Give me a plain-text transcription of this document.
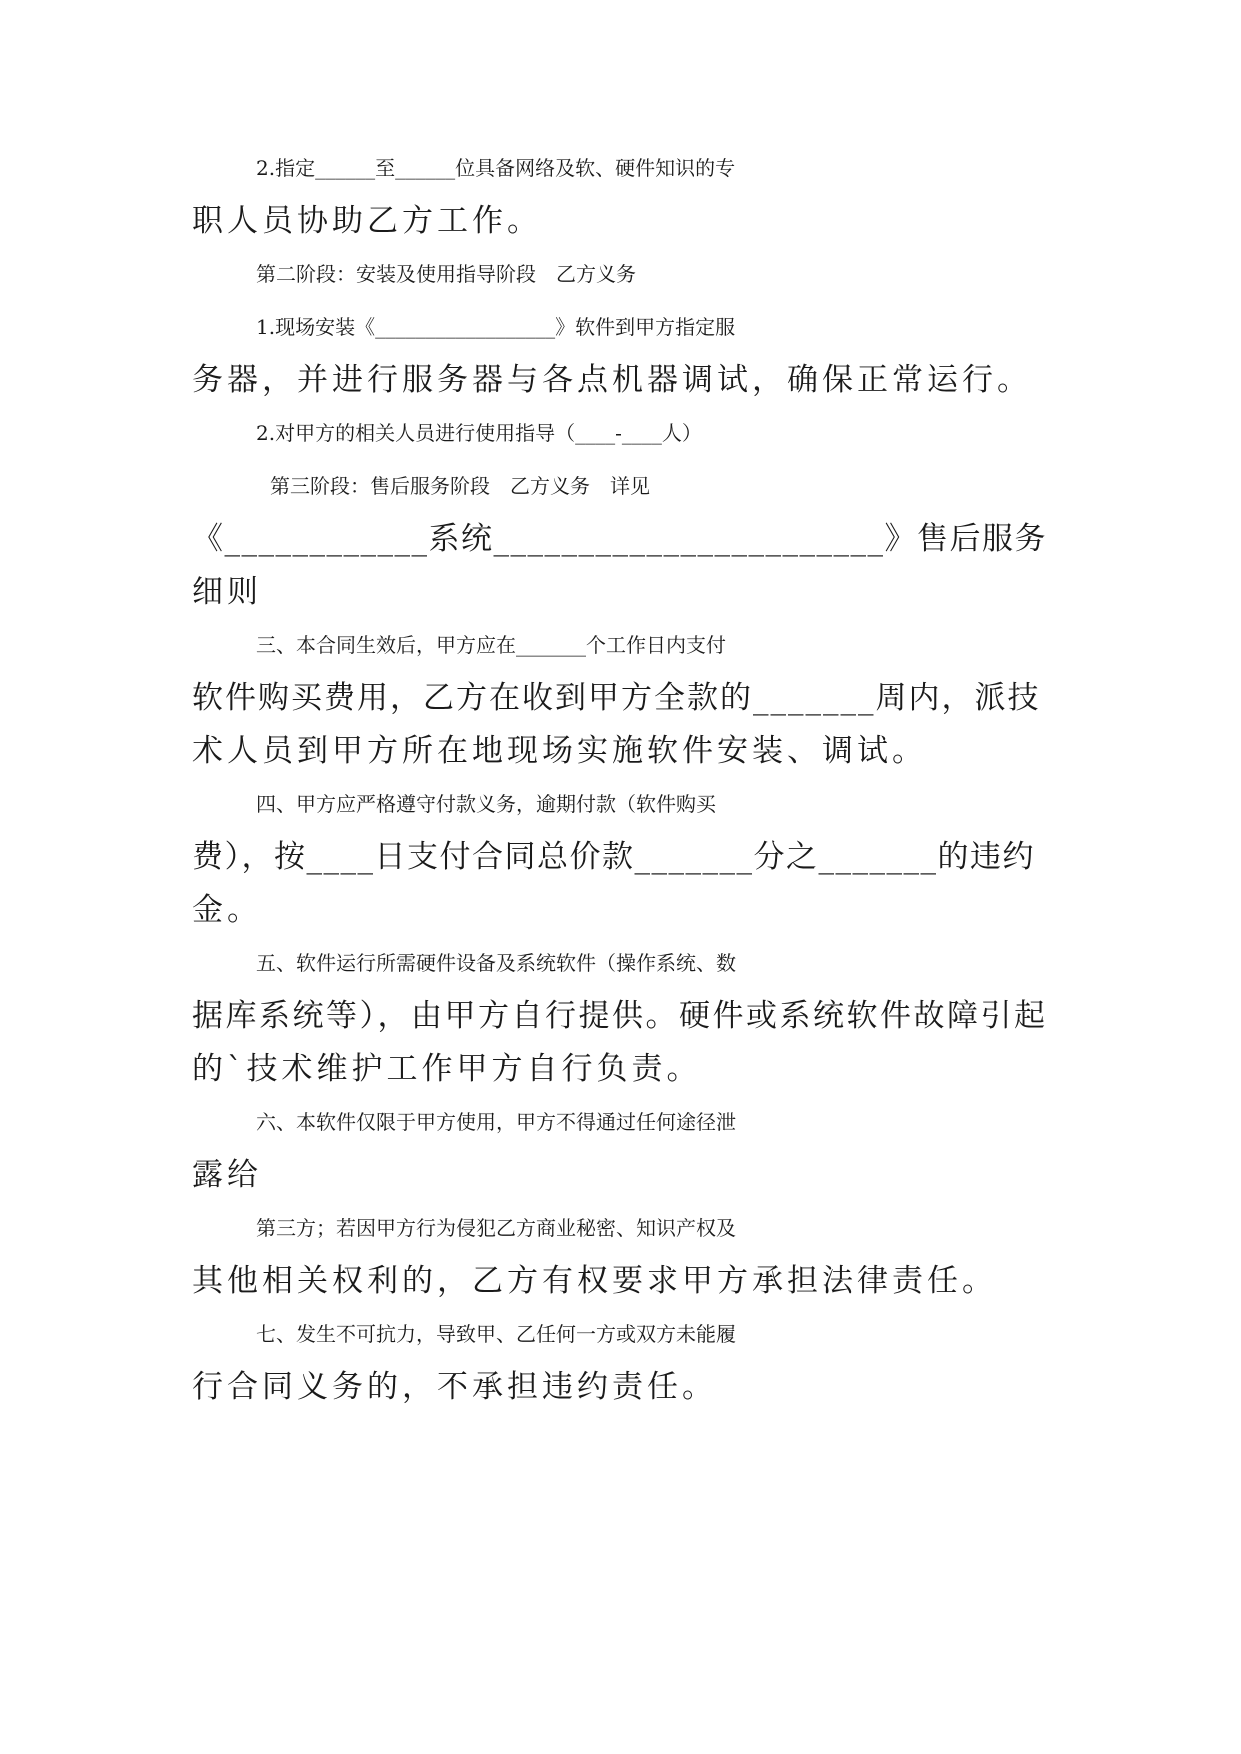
2.指定______至______位具备网络及软、硬件知识的专
职人员协助乙方工作。
第二阶段：安装及使用指导阶段　乙方义务
1.现场安装《__________________》软件到甲方指定服
务器，并进行服务器与各点机器调试，确保正常运行。
2.对甲方的相关人员进行使用指导（____-____人）
第三阶段：售后服务阶段　乙方义务　详见
《____________系统_______________________》售后服务
细则
三、本合同生效后，甲方应在_______个工作日内支付
软件购买费用，乙方在收到甲方全款的_______周内，派技
术人员到甲方所在地现场实施软件安装、调试。
四、甲方应严格遵守付款义务，逾期付款（软件购买
费），按____日支付合同总价款_______分之_______的违约
金。
五、软件运行所需硬件设备及系统软件（操作系统、数
据库系统等），由甲方自行提供。硬件或系统软件故障引起
的`技术维护工作甲方自行负责。
六、本软件仅限于甲方使用，甲方不得通过任何途径泄
露给
第三方；若因甲方行为侵犯乙方商业秘密、知识产权及
其他相关权利的，乙方有权要求甲方承担法律责任。
七、发生不可抗力，导致甲、乙任何一方或双方未能履
行合同义务的，不承担违约责任。
